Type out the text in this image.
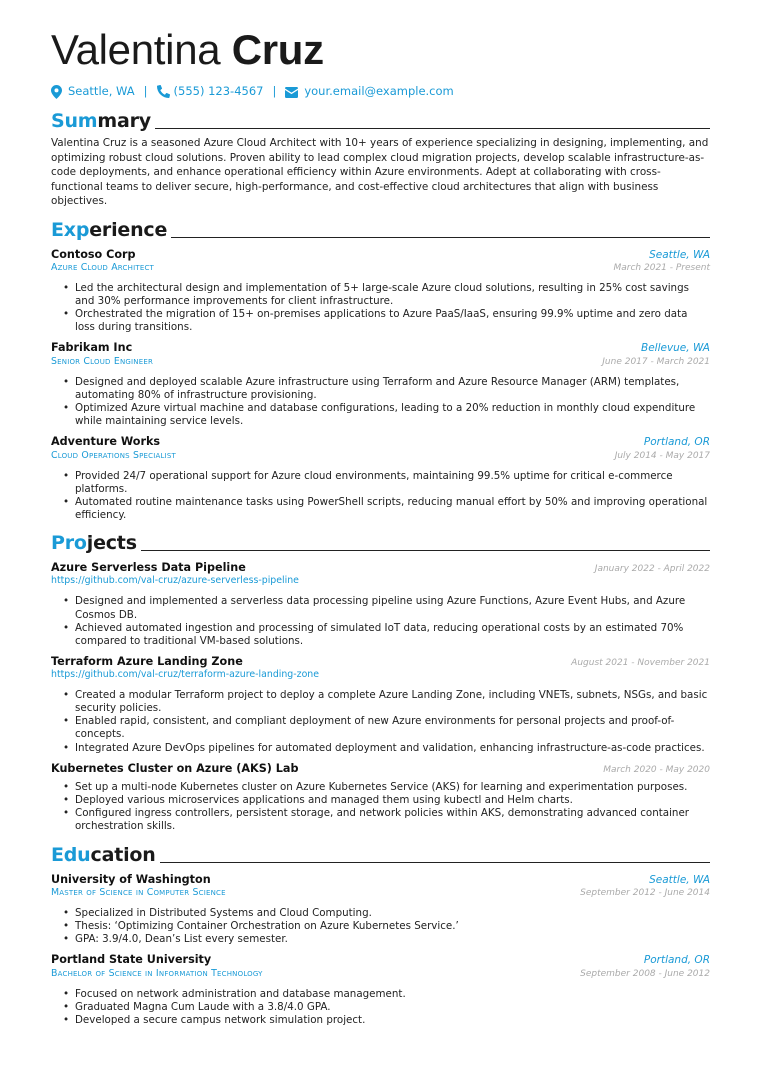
Valentina Cruz
Seattle, WA | (555) 123-4567 | your.email@example.com
Summary
Valentina Cruz is a seasoned Azure Cloud Architect with 10+ years of experience specializing in designing, implementing, and optimizing robust cloud solutions. Proven ability to lead complex cloud migration projects, develop scalable infrastructure-as-code deployments, and enhance operational efficiency within Azure environments. Adept at collaborating with cross-functional teams to deliver secure, high-performance, and cost-effective cloud architectures that align with business objectives.
Experience
Contoso Corp	Seattle, WA
Azure Cloud Architect	March 2021 - Present
• Led the architectural design and implementation of 5+ large-scale Azure cloud solutions, resulting in 25% cost savings and 30% performance improvements for client infrastructure.
• Orchestrated the migration of 15+ on-premises applications to Azure PaaS/IaaS, ensuring 99.9% uptime and zero data loss during transitions.
Fabrikam Inc	Bellevue, WA
Senior Cloud Engineer	June 2017 - March 2021
• Designed and deployed scalable Azure infrastructure using Terraform and Azure Resource Manager (ARM) templates, automating 80% of infrastructure provisioning.
• Optimized Azure virtual machine and database configurations, leading to a 20% reduction in monthly cloud expenditure while maintaining service levels.
Adventure Works	Portland, OR
Cloud Operations Specialist	July 2014 - May 2017
• Provided 24/7 operational support for Azure cloud environments, maintaining 99.5% uptime for critical e-commerce platforms.
• Automated routine maintenance tasks using PowerShell scripts, reducing manual effort by 50% and improving operational efficiency.
Projects
Azure Serverless Data Pipeline	January 2022 - April 2022
https://github.com/val-cruz/azure-serverless-pipeline
• Designed and implemented a serverless data processing pipeline using Azure Functions, Azure Event Hubs, and Azure Cosmos DB.
• Achieved automated ingestion and processing of simulated IoT data, reducing operational costs by an estimated 70% compared to traditional VM-based solutions.
Terraform Azure Landing Zone	August 2021 - November 2021
https://github.com/val-cruz/terraform-azure-landing-zone
• Created a modular Terraform project to deploy a complete Azure Landing Zone, including VNETs, subnets, NSGs, and basic security policies.
• Enabled rapid, consistent, and compliant deployment of new Azure environments for personal projects and proof-of-concepts.
• Integrated Azure DevOps pipelines for automated deployment and validation, enhancing infrastructure-as-code practices.
Kubernetes Cluster on Azure (AKS) Lab	March 2020 - May 2020
• Set up a multi-node Kubernetes cluster on Azure Kubernetes Service (AKS) for learning and experimentation purposes.
• Deployed various microservices applications and managed them using kubectl and Helm charts.
• Configured ingress controllers, persistent storage, and network policies within AKS, demonstrating advanced container orchestration skills.
Education
University of Washington	Seattle, WA
Master of Science in Computer Science	September 2012 - June 2014
• Specialized in Distributed Systems and Cloud Computing.
• Thesis: ‘Optimizing Container Orchestration on Azure Kubernetes Service.’
• GPA: 3.9/4.0, Dean’s List every semester.
Portland State University	Portland, OR
Bachelor of Science in Information Technology	September 2008 - June 2012
• Focused on network administration and database management.
• Graduated Magna Cum Laude with a 3.8/4.0 GPA.
• Developed a secure campus network simulation project.
